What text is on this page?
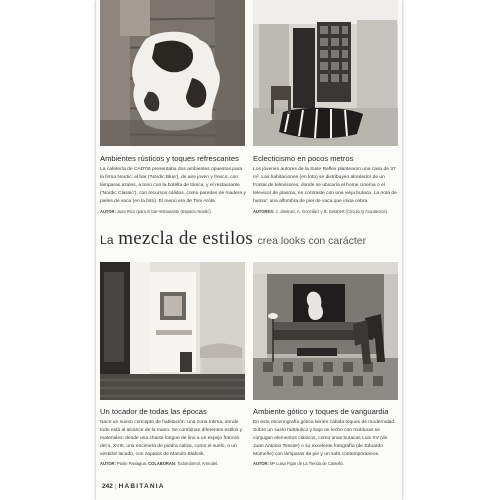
Ambientes rústicos y toques refrescantes

La cafetería de CAD'06 presentaba dos ambientes opuestos para la firma Nordic: el bar ('Nordic Blue'), de aire joven y fresco, con lámparas azules, a tono con la botella de tónica, y el restaurante ('Nordic Classic'), con recursos cálidos, como paredes de madera y pieles de vaca (en la foto). El menú era de Toni Aróla.

AUTOR: Juan Rico (para el bar-restaurante (Espacio Nordic).
Eclecticismo en pocos metros

Los jóvenes autores de la Suite Reflex plantearon una casa de 37 m². Las habitaciones (en foto) se distribuyen alrededor de un frontal de televisores, donde se ubicaría el home cinema o el televisor de plasma, en contraste con una vieja butaca. La nota de humor: una alfombra de piel de vaca que imita cebra.

AUTORES: J. Jiménez, A. González y B. Gelabert (Círculo Q Arquitectos).
La mezcla de estilos crea looks con carácter
Un tocador de todas las épocas

Nace un nuevo concepto de habitación: una zona íntima, donde todo está al alcance de la mano. Se combinan diferentes estilos y materiales: desde una chaise longue de lino a un espejo francés del s. XVIII, una encimera de piedra caliza, como el suelo, o un vestidor lacado, con zapatos de Manolo Blahnik.

AUTOR: Paolo Paniagua. COLABORAN: Todomármol, Armodel.
Ambiente gótico y toques de vanguardia

En esta escenografía gótica tienen cabida toques de modernidad. Sobre un suelo hidráulico y bajo un techo con molduras se conjugan elementos clásicos, como unas butacas Luis XV (de Juan Antonio Tessier) o su excelente fotografía (de Eduardo Momeñe) con lámparas de pie y un sofá contemporáneos.

AUTOR: Mª Luisa Figar de La Tienda de Castelló.
242 | HABITANIA
